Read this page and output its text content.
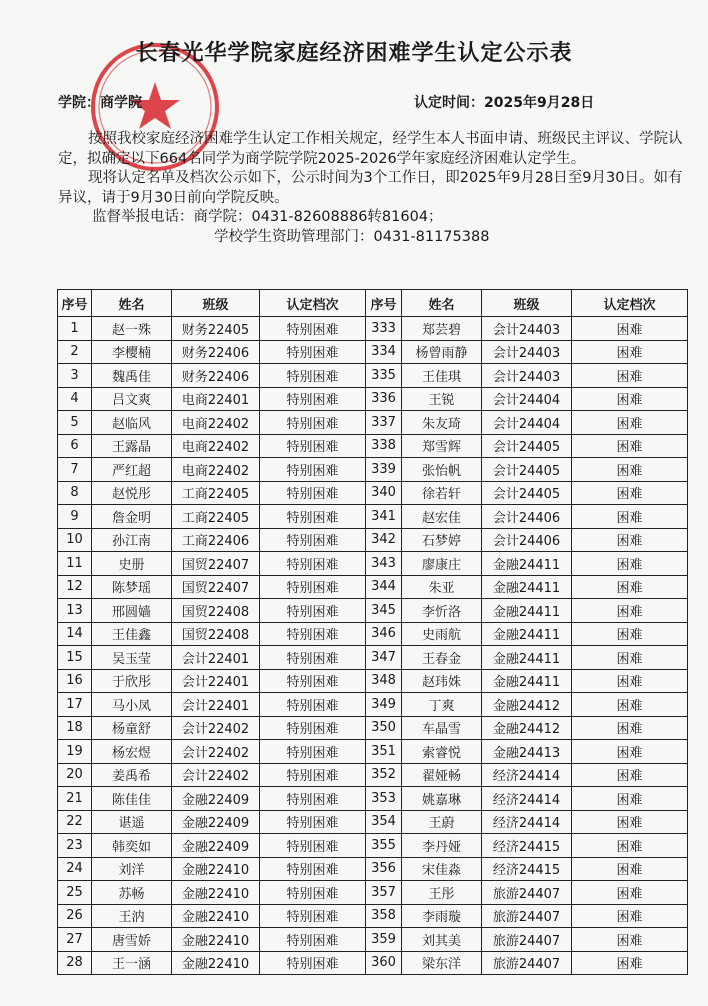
长春光华学院家庭经济困难学生认定公示表
学院：商学院	认定时间：2025年9月28日

按照我校家庭经济困难学生认定工作相关规定，经学生本人书面申请、班级民主评议、学院认定，拟确定以下664名同学为商学院学院2025-2026学年家庭经济困难认定学生。

现将认定名单及档次公示如下，公示时间为3个工作日，即2025年9月28日至9月30日。如有异议，请于9月30日前向学院反映。

监督举报电话：商学院：0431-82608886转81604；

学校学生资助管理部门：0431-81175388

序号	姓名	班级	认定档次	序号	姓名	班级	认定档次
1	赵一殊	财务22405	特别困难	333	郑芸碧	会计24403	困难
2	李樱楠	财务22406	特别困难	334	杨曾雨静	会计24403	困难
3	魏禹佳	财务22406	特别困难	335	王佳琪	会计24403	困难
4	吕文爽	电商22401	特别困难	336	王锐	会计24404	困难
5	赵临风	电商22402	特别困难	337	朱友琦	会计24404	困难
6	王露晶	电商22402	特别困难	338	郑雪辉	会计24405	困难
7	严红超	电商22402	特别困难	339	张怡帆	会计24405	困难
8	赵悦彤	工商22405	特别困难	340	徐若轩	会计24405	困难
9	詹金明	工商22405	特别困难	341	赵宏佳	会计24406	困难
10	孙江南	工商22406	特别困难	342	石梦婷	会计24406	困难
11	史册	国贸22407	特别困难	343	廖康庄	金融24411	困难
12	陈梦瑶	国贸22407	特别困难	344	朱亚	金融24411	困难
13	邢圆嫱	国贸22408	特别困难	345	李忻洛	金融24411	困难
14	王佳鑫	国贸22408	特别困难	346	史雨航	金融24411	困难
15	吴玉莹	会计22401	特别困难	347	王春金	金融24411	困难
16	于欣彤	会计22401	特别困难	348	赵玮姝	金融24411	困难
17	马小凤	会计22401	特别困难	349	丁爽	金融24412	困难
18	杨童舒	会计22402	特别困难	350	车晶雪	金融24412	困难
19	杨宏煜	会计22402	特别困难	351	索睿悦	金融24413	困难
20	姜禹希	会计22402	特别困难	352	翟娅畅	经济24414	困难
21	陈佳佳	金融22409	特别困难	353	姚嘉琳	经济24414	困难
22	谌遥	金融22409	特别困难	354	王蔚	经济24414	困难
23	韩奕如	金融22409	特别困难	355	李丹娅	经济24415	困难
24	刘洋	金融22410	特别困难	356	宋佳淼	经济24415	困难
25	苏畅	金融22410	特别困难	357	王彤	旅游24407	困难
26	王汭	金融22410	特别困难	358	李雨璇	旅游24407	困难
27	唐雪娇	金融22410	特别困难	359	刘其美	旅游24407	困难
28	王一涵	金融22410	特别困难	360	梁东洋	旅游24407	困难
